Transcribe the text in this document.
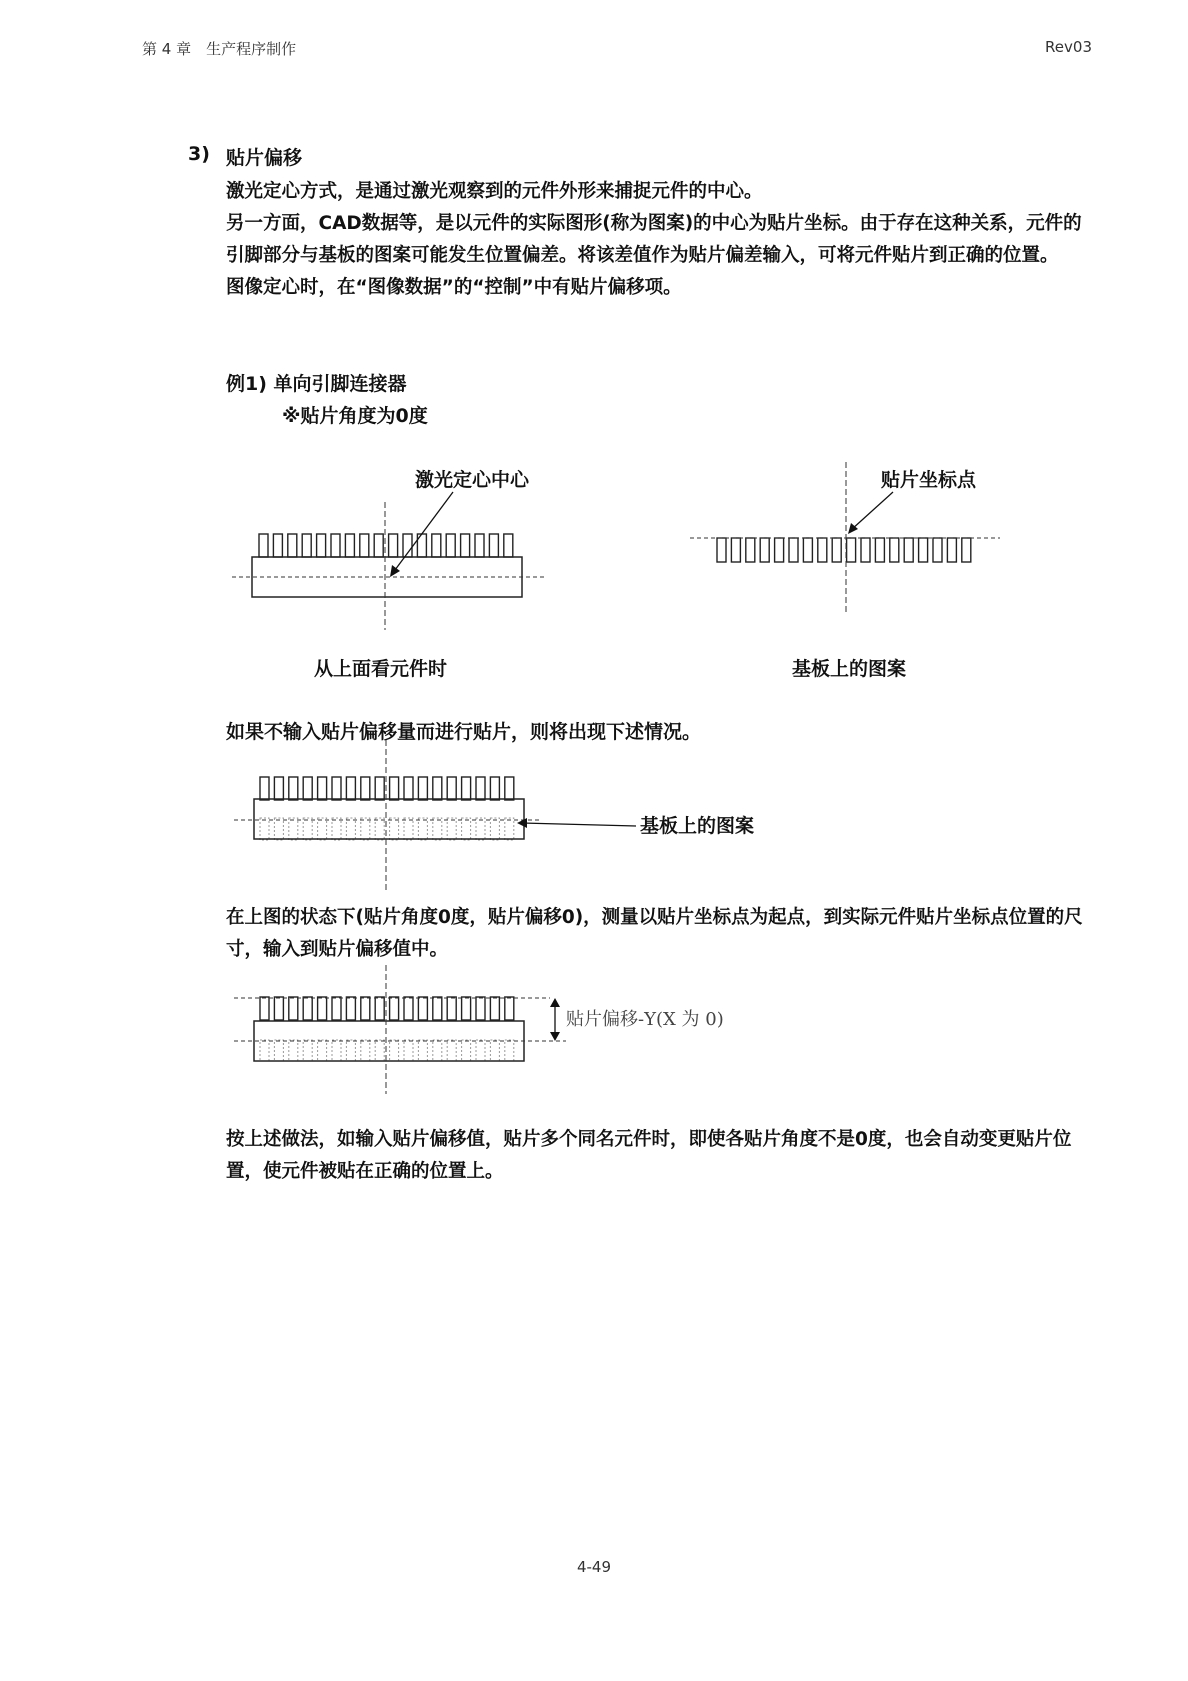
第 4 章　生产程序制作	Rev03
3) 贴片偏移

激光定心方式，是通过激光观察到的元件外形来捕捉元件的中心。

另一方面，CAD数据等，是以元件的实际图形(称为图案)的中心为贴片坐标。由于存在这种关系，元件的引脚部分与基板的图案可能发生位置偏差。将该差值作为贴片偏差输入，可将元件贴片到正确的位置。

图像定心时，在“图像数据”的“控制”中有贴片偏移项。

例1) 单向引脚连接器
※贴片角度为0度
激光定心中心	贴片坐标点
从上面看元件时	基板上的图案
如果不输入贴片偏移量而进行贴片，则将出现下述情况。
基板上的图案
在上图的状态下(贴片角度0度，贴片偏移0)，测量以贴片坐标点为起点，到实际元件贴片坐标点位置的尺寸，输入到贴片偏移值中。
贴片偏移-Y(X 为 0)
按上述做法，如输入贴片偏移值，贴片多个同名元件时，即使各贴片角度不是0度，也会自动变更贴片位置，使元件被贴在正确的位置上。
4-49
